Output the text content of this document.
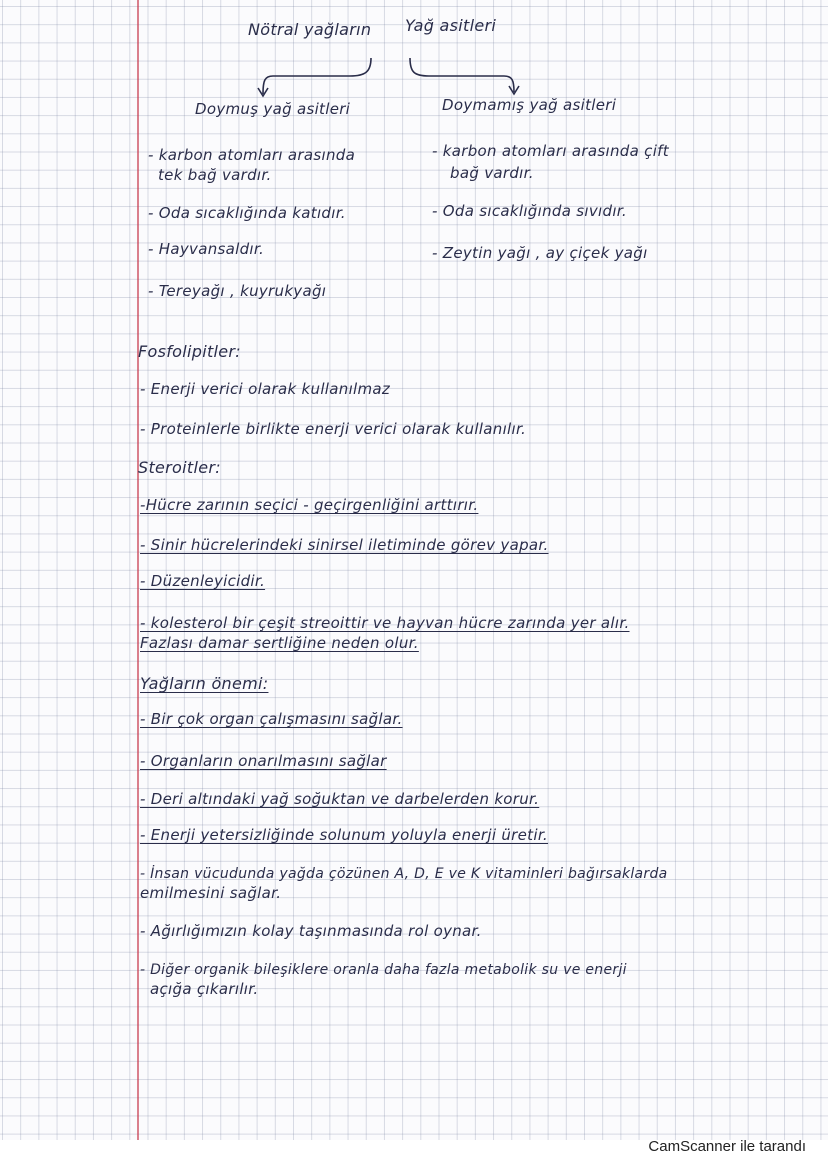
Nötral yağların Yağ asitleri
Doymuş yağ asitleri	Doymamış yağ asitleri
- karbon atomları arasında
tek bağ vardır.
- Oda sıcaklığında katıdır.
- Hayvansaldır.
- Tereyağı , kuyrukyağı
- karbon atomları arasında çift
bağ vardır.
- Oda sıcaklığında sıvıdır.
- Zeytin yağı , ay çiçek yağı
Fosfolipitler:
- Enerji verici olarak kullanılmaz
- Proteinlerle birlikte enerji verici olarak kullanılır.
Steroitler:
-Hücre zarının seçici - geçirgenliğini arttırır.
- Sinir hücrelerindeki sinirsel iletiminde görev yapar.
- Düzenleyicidir.
- kolesterol bir çeşit streoittir ve hayvan hücre zarında yer alır.
Fazlası damar sertliğine neden olur.
Yağların önemi:
- Bir çok organ çalışmasını sağlar.
- Organların onarılmasını sağlar
- Deri altındaki yağ soğuktan ve darbelerden korur.
- Enerji yetersizliğinde solunum yoluyla enerji üretir.
- İnsan vücudunda yağda çözünen A, D, E ve K vitaminleri bağırsaklarda
emilmesini sağlar.
- Ağırlığımızın kolay taşınmasında rol oynar.
- Diğer organik bileşiklere oranla daha fazla metabolik su ve enerji
açığa çıkarılır.
CamScanner ile tarandı
